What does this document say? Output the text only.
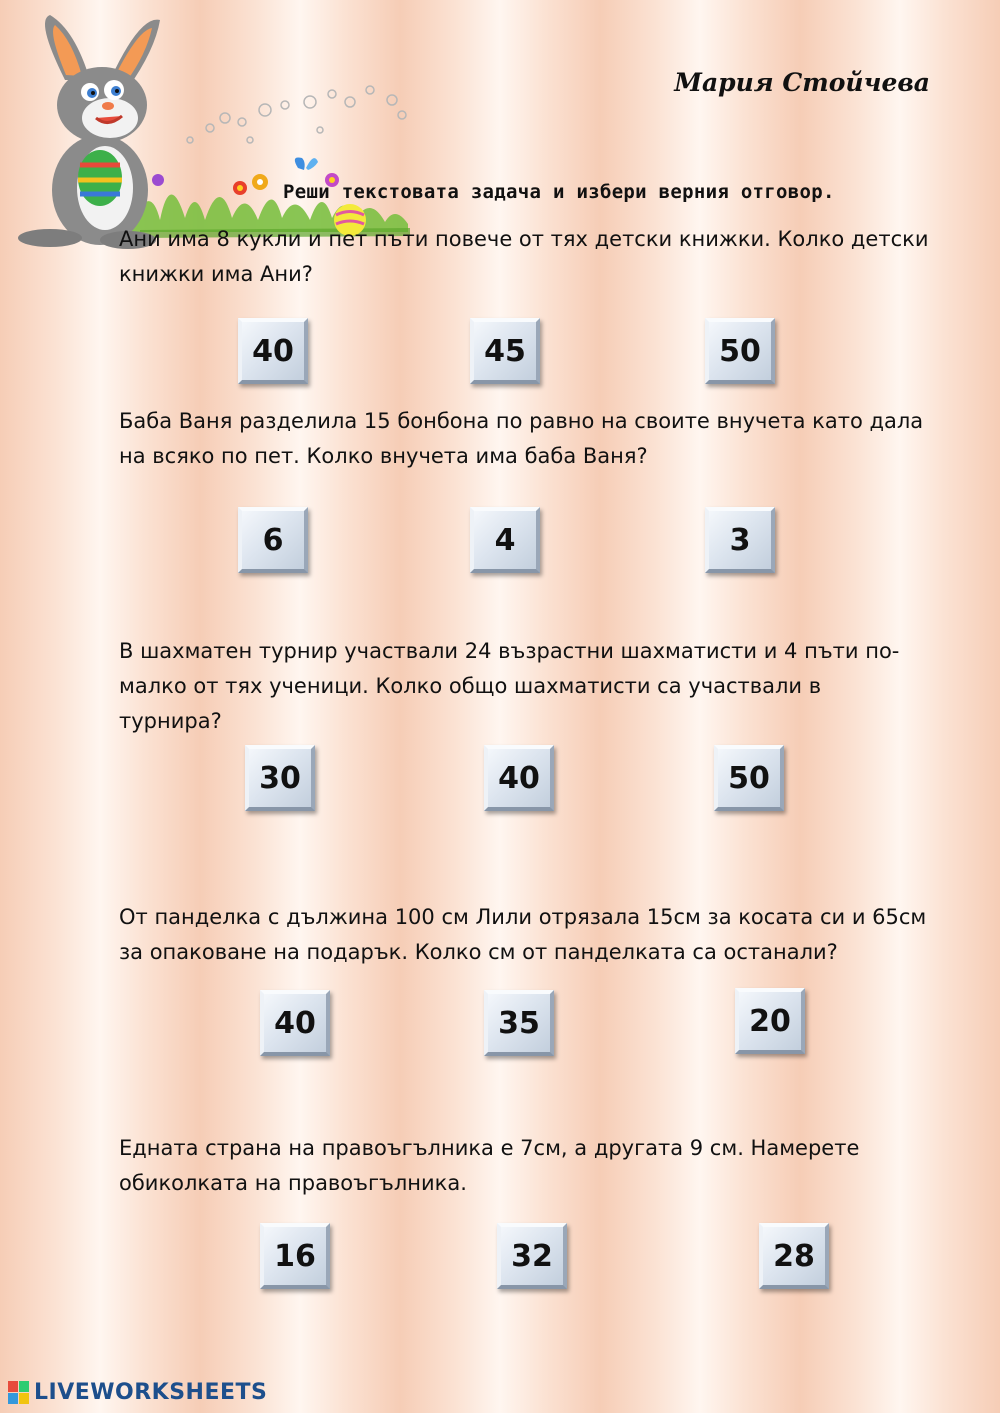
Мария Стойчева
Реши текстовата задача и избери верния отговор.
Ани има 8 кукли и пет пъти повече от тях детски книжки. Колко детски книжки има Ани?
40	45	50
Баба Ваня разделила 15 бонбона по равно на своите внучета като дала на всяко по пет. Колко внучета има баба Ваня?
6	4	3
В шахматен турнир участвали 24 възрастни шахматисти и 4 пъти по-малко от тях ученици. Колко общо шахматисти са участвали в турнира?
30	40	50
От панделка с дължина 100 см Лили отрязала 15см за косата си и 65см за опаковане на подарък. Колко см от панделката са останали?
40	35	20
Едната страна на правоъгълника е 7см, а другата 9 см. Намерете обиколката на правоъгълника.
16	32	28
LIVEWORKSHEETS
